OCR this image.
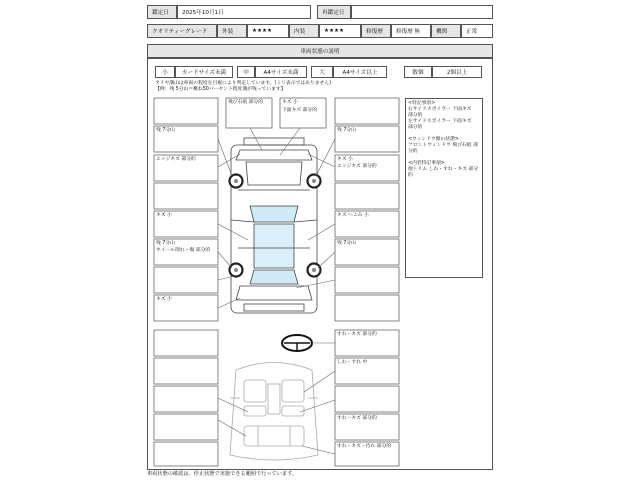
鑑定日	2025年10月1日	再鑑定日
クオリティーグレード	外装	★★★★	内装	★★★★	修復歴	修復歴 無	機関	正常
車両状態の説明
小	カードサイズ未満	中	A4サイズ未満	大	A4サイズ以上	数個	2個以上
タイヤ溝山は車両の程度を目視により判定しています。(ミリ表示ではありません)
【例：残 5分山＝概ね50パーセント程度溝が残っています】
<特記事項>
右サイドスポイラー 下面キズ
部分的
左サイドスポイラー 下面キズ
部分的
<ウィンドウ類の状態>
フロントウィンドウ 飛び石痕 部分的
<内装特記事項>
他トリム しわ・すれ・キズ 部分的
飛び石痕 部分的	キズ 小
下面キズ 部分的
残 7分山	残 7分山
エッジキズ 部分的	キズ 小
エッジキズ 部分的
キズ 小	キズ へこみ 小
残 7分山
ホイール削れ・傷 部分的
残 7分山
キズ 小
すれ・キズ 部分的
しわ・すれ 中
すれ・キズ 部分的
すれ・キズ・汚れ 部分的
車両状態の確認は、停止状態で実施できる範囲で行っています。
